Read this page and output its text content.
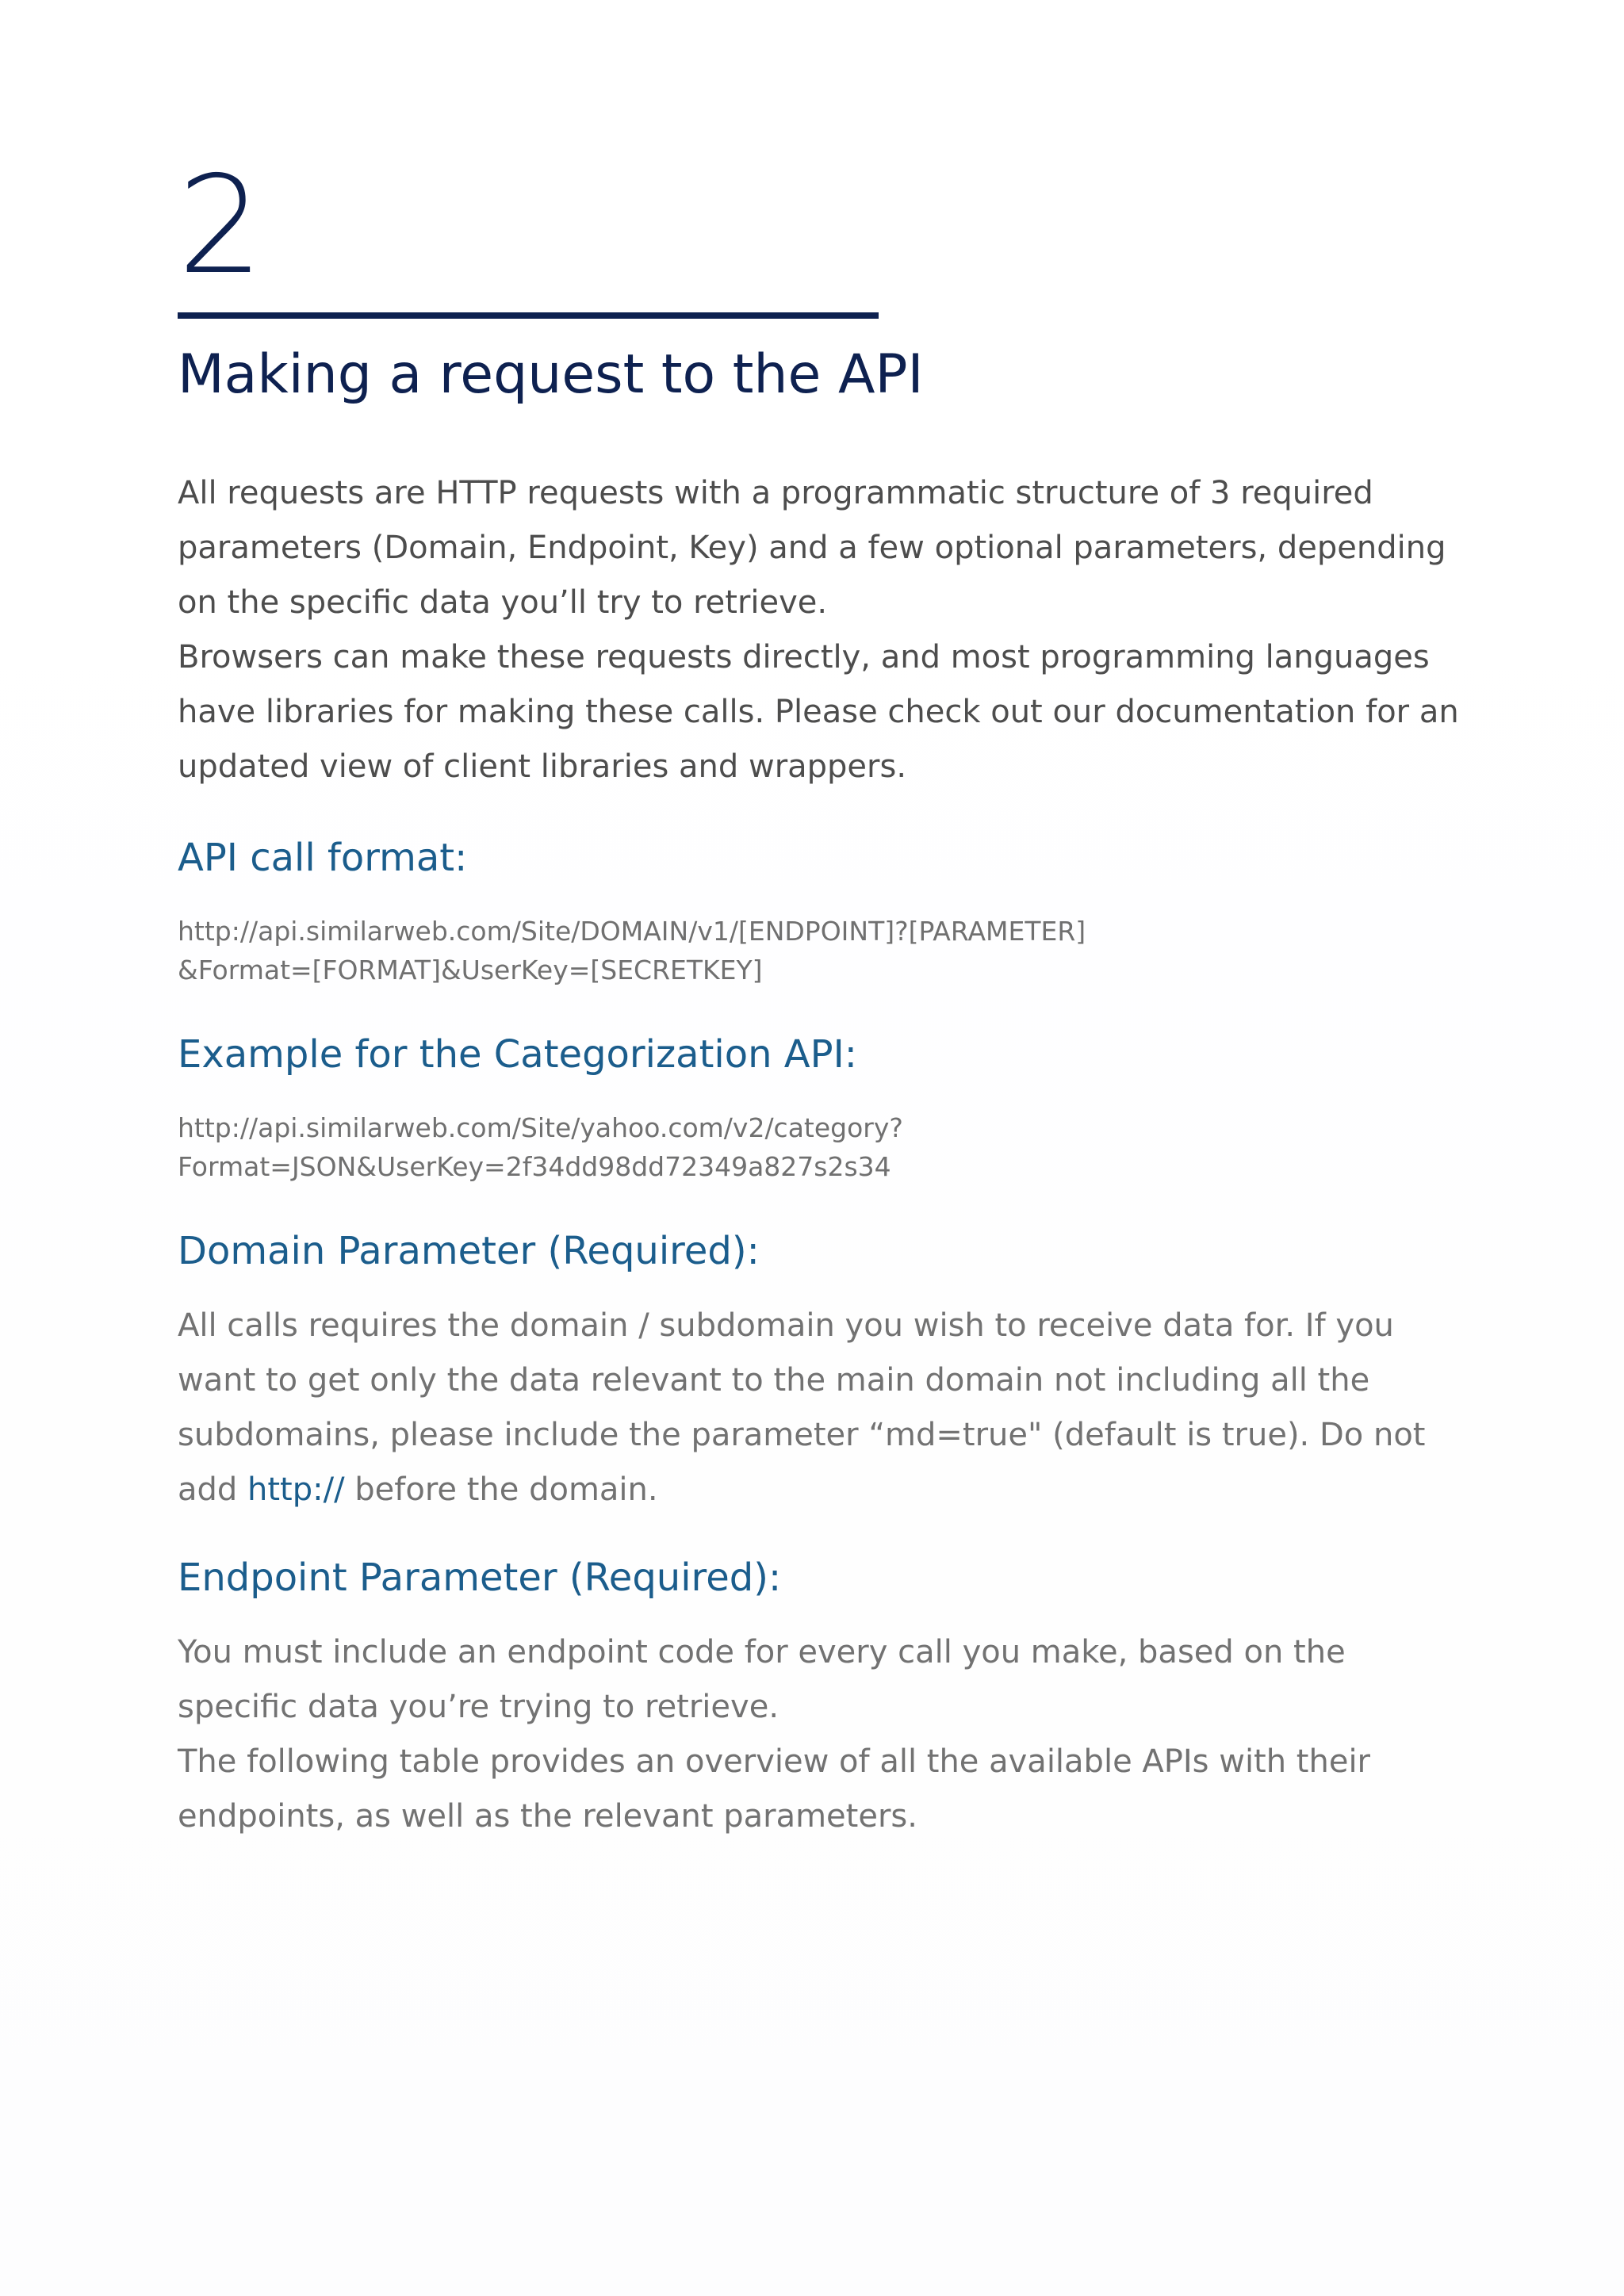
2
Making a request to the API

All requests are HTTP requests with a programmatic structure of 3 required parameters (Domain, Endpoint, Key) and a few optional parameters, depending on the specific data you’ll try to retrieve.

Browsers can make these requests directly, and most programming languages have libraries for making these calls. Please check out our documentation for an updated view of client libraries and wrappers.

API call format:
http://api.similarweb.com/Site/DOMAIN/v1/[ENDPOINT]?[PARAMETER]
&Format=[FORMAT]&UserKey=[SECRETKEY]
Example for the Categorization API:
http://api.similarweb.com/Site/yahoo.com/v2/category?
Format=JSON&UserKey=2f34dd98dd72349a827s2s34
Domain Parameter (Required):

All calls requires the domain / subdomain you wish to receive data for. If you want to get only the data relevant to the main domain not including all the subdomains, please include the parameter “md=true" (default is true). Do not add http:// before the domain.

Endpoint Parameter (Required):

You must include an endpoint code for every call you make, based on the specific data you’re trying to retrieve.

The following table provides an overview of all the available APIs with their endpoints, as well as the relevant parameters.
